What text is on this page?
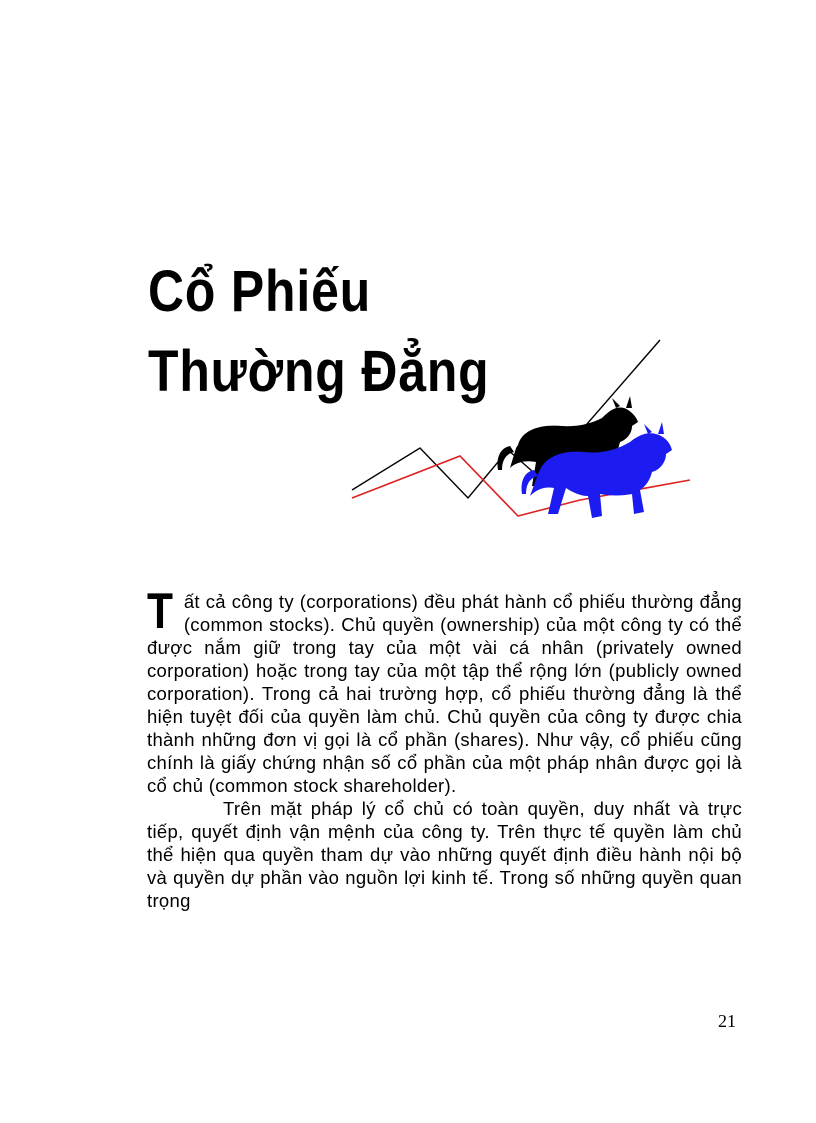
Cổ Phiếu
Thường Đẳng

Tất cả công ty (corporations) đều phát hành cổ phiếu thường đẳng (common stocks). Chủ quyền (ownership) của một công ty có thể được nắm giữ trong tay của một vài cá nhân (privately owned corporation) hoặc trong tay của một tập thể rộng lớn (publicly owned corporation). Trong cả hai trường hợp, cổ phiếu thường đẳng là thể hiện tuyệt đối của quyền làm chủ. Chủ quyền của công ty được chia thành những đơn vị gọi là cổ phần (shares). Như vậy, cổ phiếu cũng chính là giấy chứng nhận số cổ phần của một pháp nhân được gọi là cổ chủ (common stock shareholder).

Trên mặt pháp lý cổ chủ có toàn quyền, duy nhất và trực tiếp, quyết định vận mệnh của công ty. Trên thực tế quyền làm chủ thể hiện qua quyền tham dự vào những quyết định điều hành nội bộ và quyền dự phần vào nguồn lợi kinh tế. Trong số những quyền quan trọng

21
